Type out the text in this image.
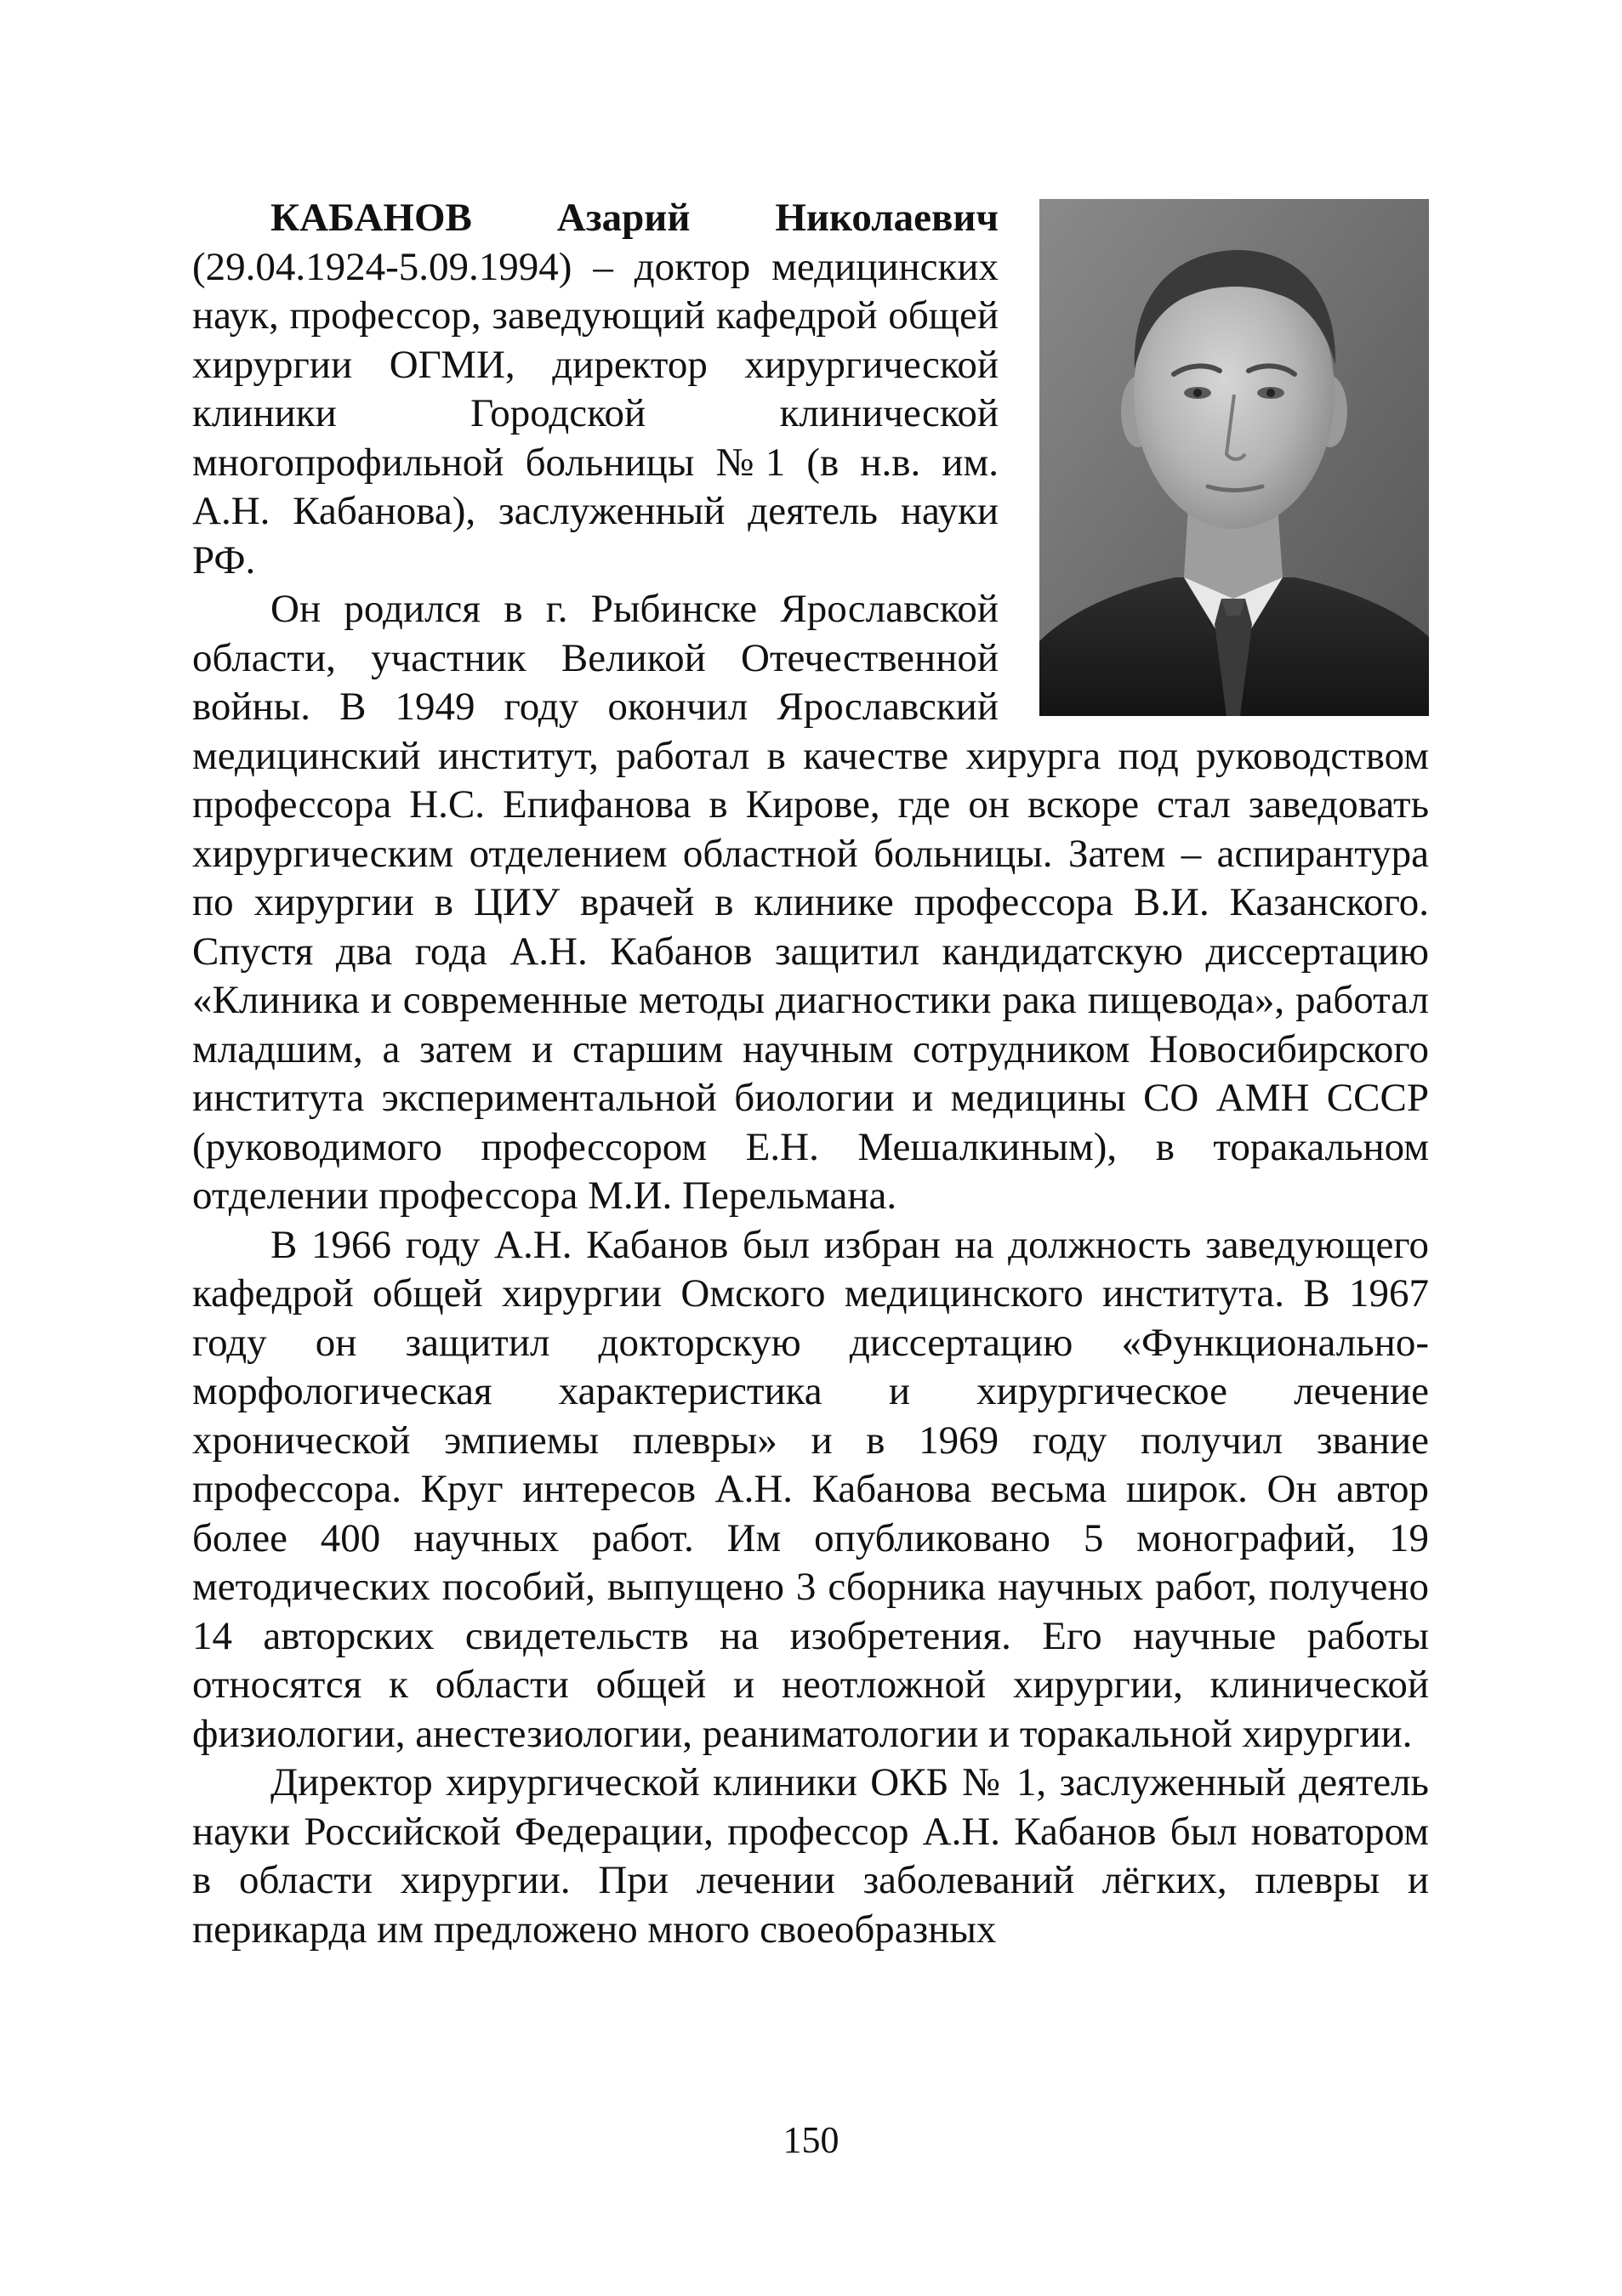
КАБАНОВ Азарий Николаевич

(29.04.1924-5.09.1994) – доктор медицинских наук, профессор, заведующий кафедрой общей хирургии ОГМИ, директор хирургической клиники Городской клинической многопрофильной больницы №1 (в н.в. им. А.Н. Кабанова), заслуженный деятель науки РФ.

Он родился в г. Рыбинске Ярославской области, участник Великой Отечественной войны. В 1949 году окончил Ярославский медицинский институт, работал в качестве хирурга под руководством профессора Н.С. Епифанова в Кирове, где он вскоре стал заведовать хирургическим отделением областной больницы. Затем – аспирантура по хирургии в ЦИУ врачей в клинике профессора В.И. Казанского. Спустя два года А.Н. Кабанов защитил кандидатскую диссертацию «Клиника и современные методы диагностики рака пищевода», работал младшим, а затем и старшим научным сотрудником Новосибирского института экспериментальной биологии и медицины СО АМН СССР (руководимого профессором Е.Н. Мешалкиным), в торакальном отделении профессора М.И. Перельмана.

В 1966 году А.Н. Кабанов был избран на должность заведующего кафедрой общей хирургии Омского медицинского института. В 1967 году он защитил докторскую диссертацию «Функционально-морфологическая характеристика и хирургическое лечение хронической эмпиемы плевры» и в 1969 году получил звание профессора. Круг интересов А.Н. Кабанова весьма широк. Он автор более 400 научных работ. Им опубликовано 5 монографий, 19 методических пособий, выпущено 3 сборника научных работ, получено 14 авторских свидетельств на изобретения. Его научные работы относятся к области общей и неотложной хирургии, клинической физиологии, анестезиологии, реаниматологии и торакальной хирургии.

Директор хирургической клиники ОКБ № 1, заслуженный деятель науки Российской Федерации, профессор А.Н. Кабанов был новатором в области хирургии. При лечении заболеваний лёгких, плевры и перикарда им предложено много своеобразных

150
